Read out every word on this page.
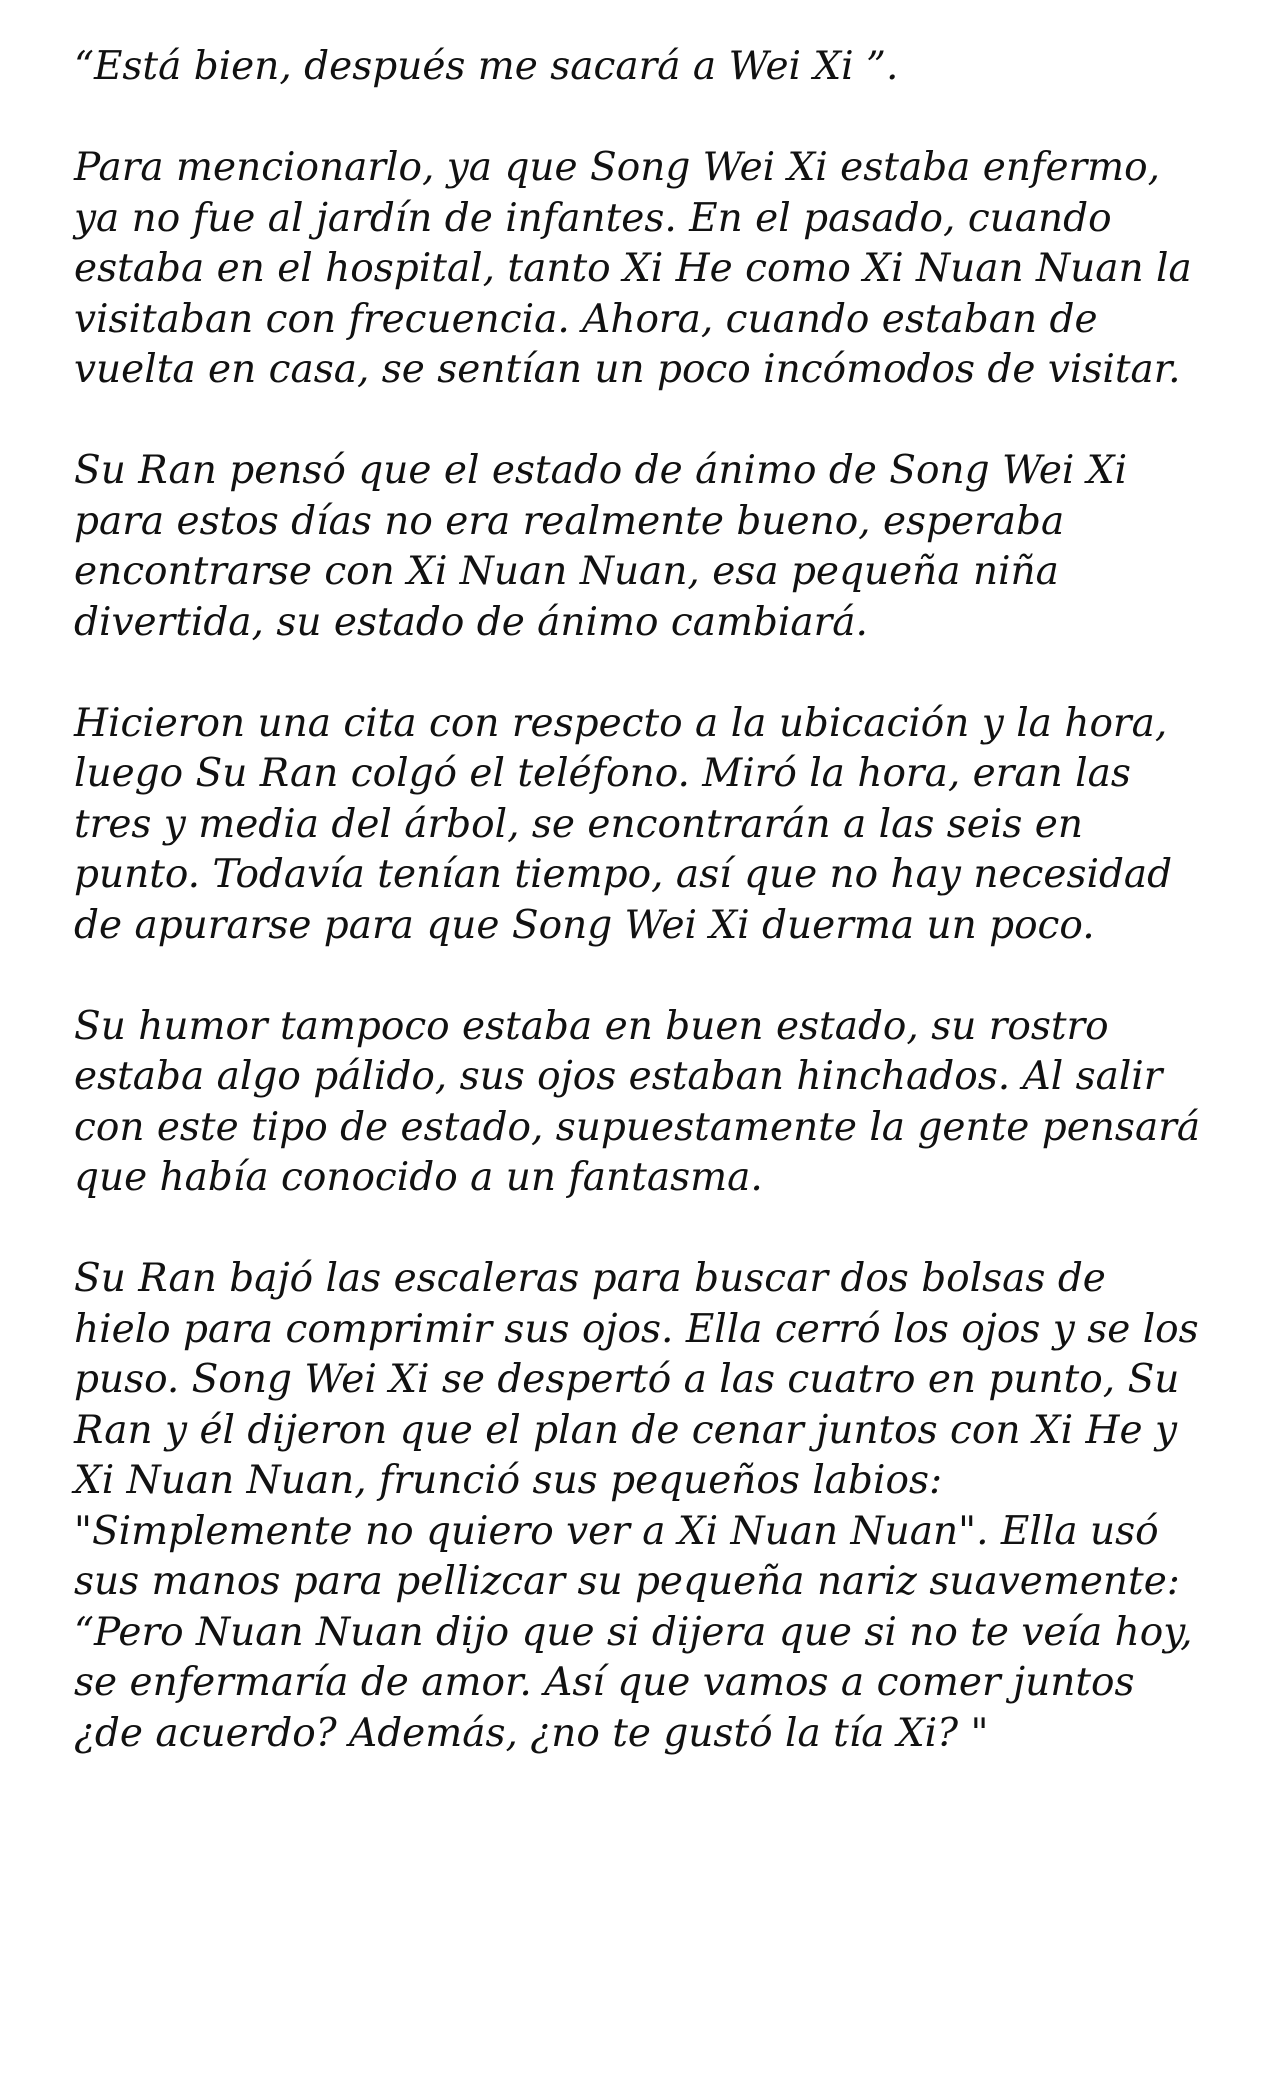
“Está bien, después me sacará a Wei Xi ”.

Para mencionarlo, ya que Song Wei Xi estaba enfermo, ya no fue al jardín de infantes. En el pasado, cuando estaba en el hospital, tanto Xi He como Xi Nuan Nuan la visitaban con frecuencia. Ahora, cuando estaban de vuelta en casa, se sentían un poco incómodos de visitar.

Su Ran pensó que el estado de ánimo de Song Wei Xi para estos días no era realmente bueno, esperaba encontrarse con Xi Nuan Nuan, esa pequeña niña divertida, su estado de ánimo cambiará.

Hicieron una cita con respecto a la ubicación y la hora, luego Su Ran colgó el teléfono. Miró la hora, eran las tres y media del árbol, se encontrarán a las seis en punto. Todavía tenían tiempo, así que no hay necesidad de apurarse para que Song Wei Xi duerma un poco.

Su humor tampoco estaba en buen estado, su rostro estaba algo pálido, sus ojos estaban hinchados. Al salir con este tipo de estado, supuestamente la gente pensará que había conocido a un fantasma.

Su Ran bajó las escaleras para buscar dos bolsas de hielo para comprimir sus ojos. Ella cerró los ojos y se los puso. Song Wei Xi se despertó a las cuatro en punto, Su Ran y él dijeron que el plan de cenar juntos con Xi He y Xi Nuan Nuan, frunció sus pequeños labios: "Simplemente no quiero ver a Xi Nuan Nuan". Ella usó sus manos para pellizcar su pequeña nariz suavemente: “Pero Nuan Nuan dijo que si dijera que si no te veía hoy, se enfermaría de amor. Así que vamos a comer juntos ¿de acuerdo? Además, ¿no te gustó la tía Xi? "
